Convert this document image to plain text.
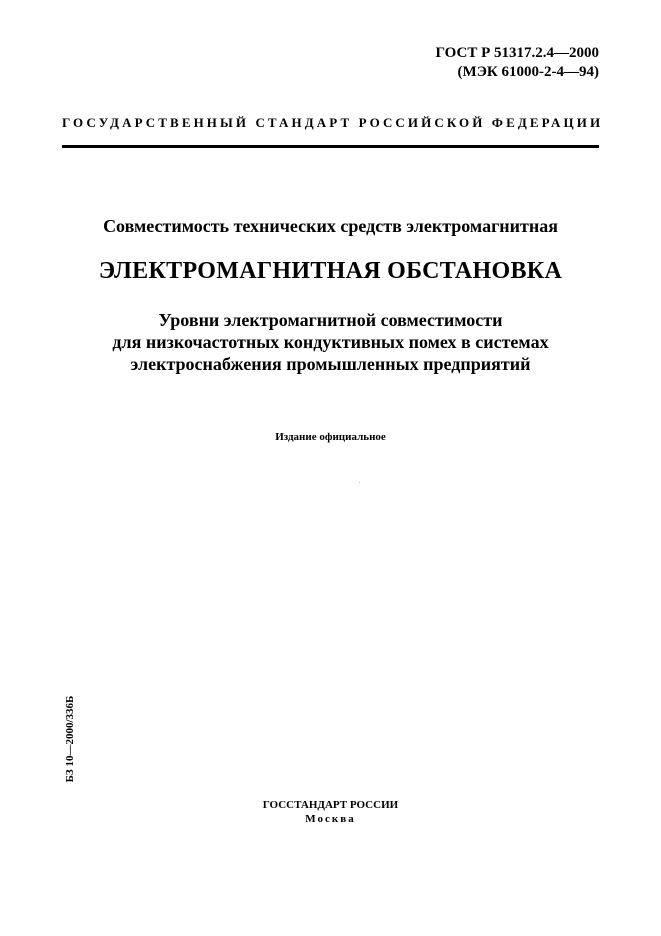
ГОСТ Р 51317.2.4—2000
(МЭК 61000-2-4—94)
ГОСУДАРСТВЕННЫЙ СТАНДАРТ РОССИЙСКОЙ ФЕДЕРАЦИИ
Совместимость технических средств электромагнитная
ЭЛЕКТРОМАГНИТНАЯ ОБСТАНОВКА
Уровни электромагнитной совместимости
для низкочастотных кондуктивных помех в системах
электроснабжения промышленных предприятий
Издание официальное
БЗ 10—2000/336Б
ГОССТАНДАРТ РОССИИ
Москва
